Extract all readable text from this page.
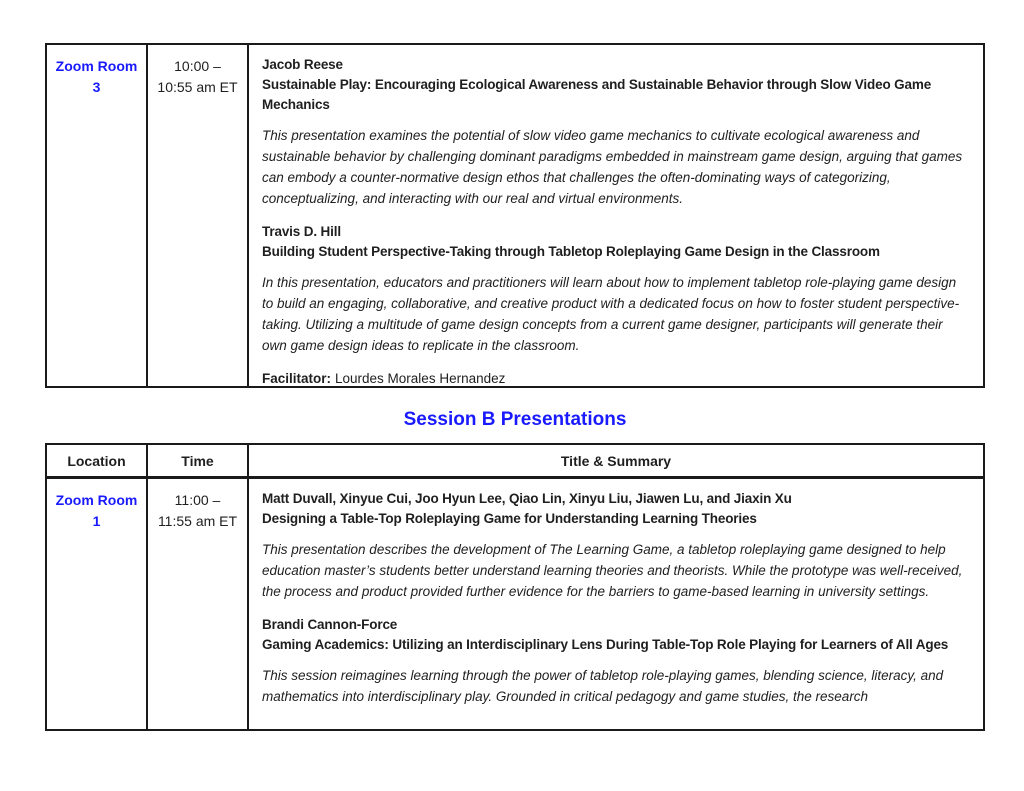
Zoom Room
3
10:00 –
10:55 am ET
Jacob Reese
Sustainable Play: Encouraging Ecological Awareness and Sustainable Behavior through Slow Video Game Mechanics
This presentation examines the potential of slow video game mechanics to cultivate ecological awareness and sustainable behavior by challenging dominant paradigms embedded in mainstream game design, arguing that games can embody a counter-normative design ethos that challenges the often-dominating ways of categorizing, conceptualizing, and interacting with our real and virtual environments.
Travis D. Hill
Building Student Perspective-Taking through Tabletop Roleplaying Game Design in the Classroom
In this presentation, educators and practitioners will learn about how to implement tabletop role-playing game design to build an engaging, collaborative, and creative product with a dedicated focus on how to foster student perspective-taking. Utilizing a multitude of game design concepts from a current game designer, participants will generate their own game design ideas to replicate in the classroom.
Facilitator: Lourdes Morales Hernandez
Session B Presentations
Location	Time	Title & Summary
Zoom Room
1
11:00 –
11:55 am ET
Matt Duvall, Xinyue Cui, Joo Hyun Lee, Qiao Lin, Xinyu Liu, Jiawen Lu, and Jiaxin Xu
Designing a Table-Top Roleplaying Game for Understanding Learning Theories
This presentation describes the development of The Learning Game, a tabletop roleplaying game designed to help education master’s students better understand learning theories and theorists. While the prototype was well-received, the process and product provided further evidence for the barriers to game-based learning in university settings.
Brandi Cannon-Force
Gaming Academics: Utilizing an Interdisciplinary Lens During Table-Top Role Playing for Learners of All Ages
This session reimagines learning through the power of tabletop role-playing games, blending science, literacy, and mathematics into interdisciplinary play. Grounded in critical pedagogy and game studies, the research
